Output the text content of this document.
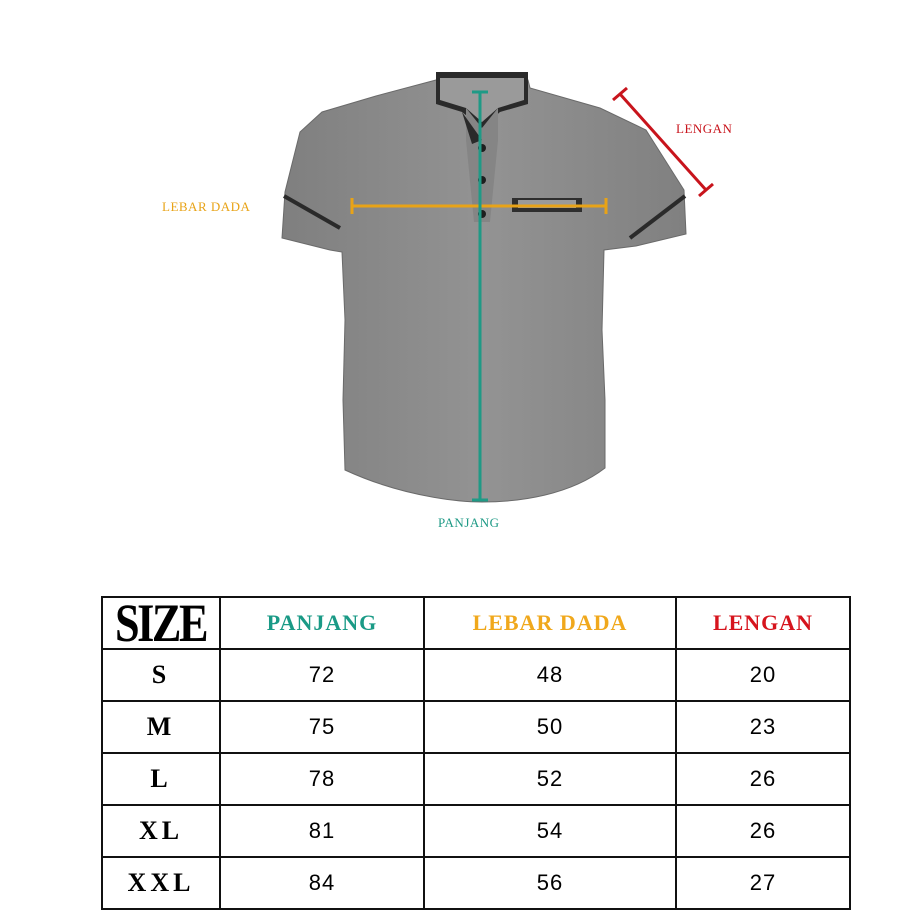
LENGAN
LEBAR DADA
PANJANG
SIZE	PANJANG	LEBAR DADA	LENGAN
S	72	48	20
M	75	50	23
L	78	52	26
XL	81	54	26
XXL	84	56	27
